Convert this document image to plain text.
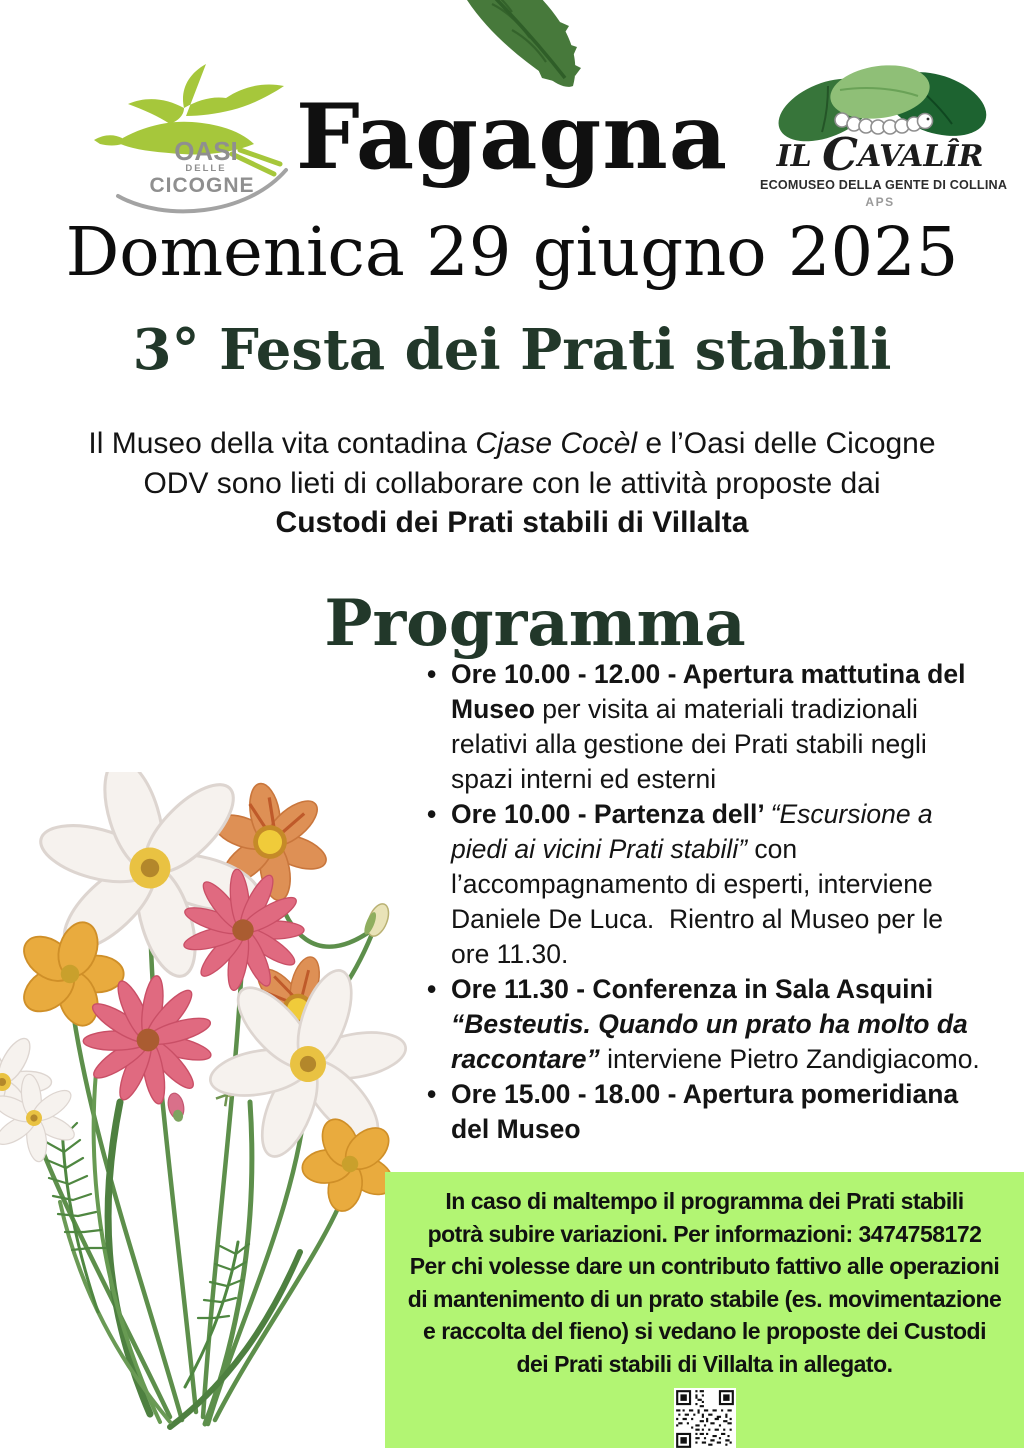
OASI
DELLE
CICOGNE Fagagna	IL CAVALÎR
ECOMUSEO DELLA GENTE DI COLLINA
APS
Domenica 29 giugno 2025
3° Festa dei Prati stabili
Il Museo della vita contadina Cjase Cocèl e l’Oasi delle Cicogne
ODV sono lieti di collaborare con le attività proposte dai
Custodi dei Prati stabili di Villalta
Programma
• Ore 10.00 - 12.00 - Apertura mattutina del
Museo per visita ai materiali tradizionali
relativi alla gestione dei Prati stabili negli
spazi interni ed esterni
• Ore 10.00 - Partenza dell’ “Escursione a
piedi ai vicini Prati stabili” con
l’accompagnamento di esperti, interviene
Daniele De Luca.  Rientro al Museo per le
ore 11.30.
• Ore 11.30 - Conferenza in Sala Asquini
“Besteutis. Quando un prato ha molto da
raccontare” interviene Pietro Zandigiacomo.
• Ore 15.00 - 18.00 - Apertura pomeridiana
del Museo
In caso di maltempo il programma dei Prati stabili
potrà subire variazioni. Per informazioni: 3474758172
Per chi volesse dare un contributo fattivo alle operazioni
di mantenimento di un prato stabile (es. movimentazione
e raccolta del fieno) si vedano le proposte dei Custodi
dei Prati stabili di Villalta in allegato.
